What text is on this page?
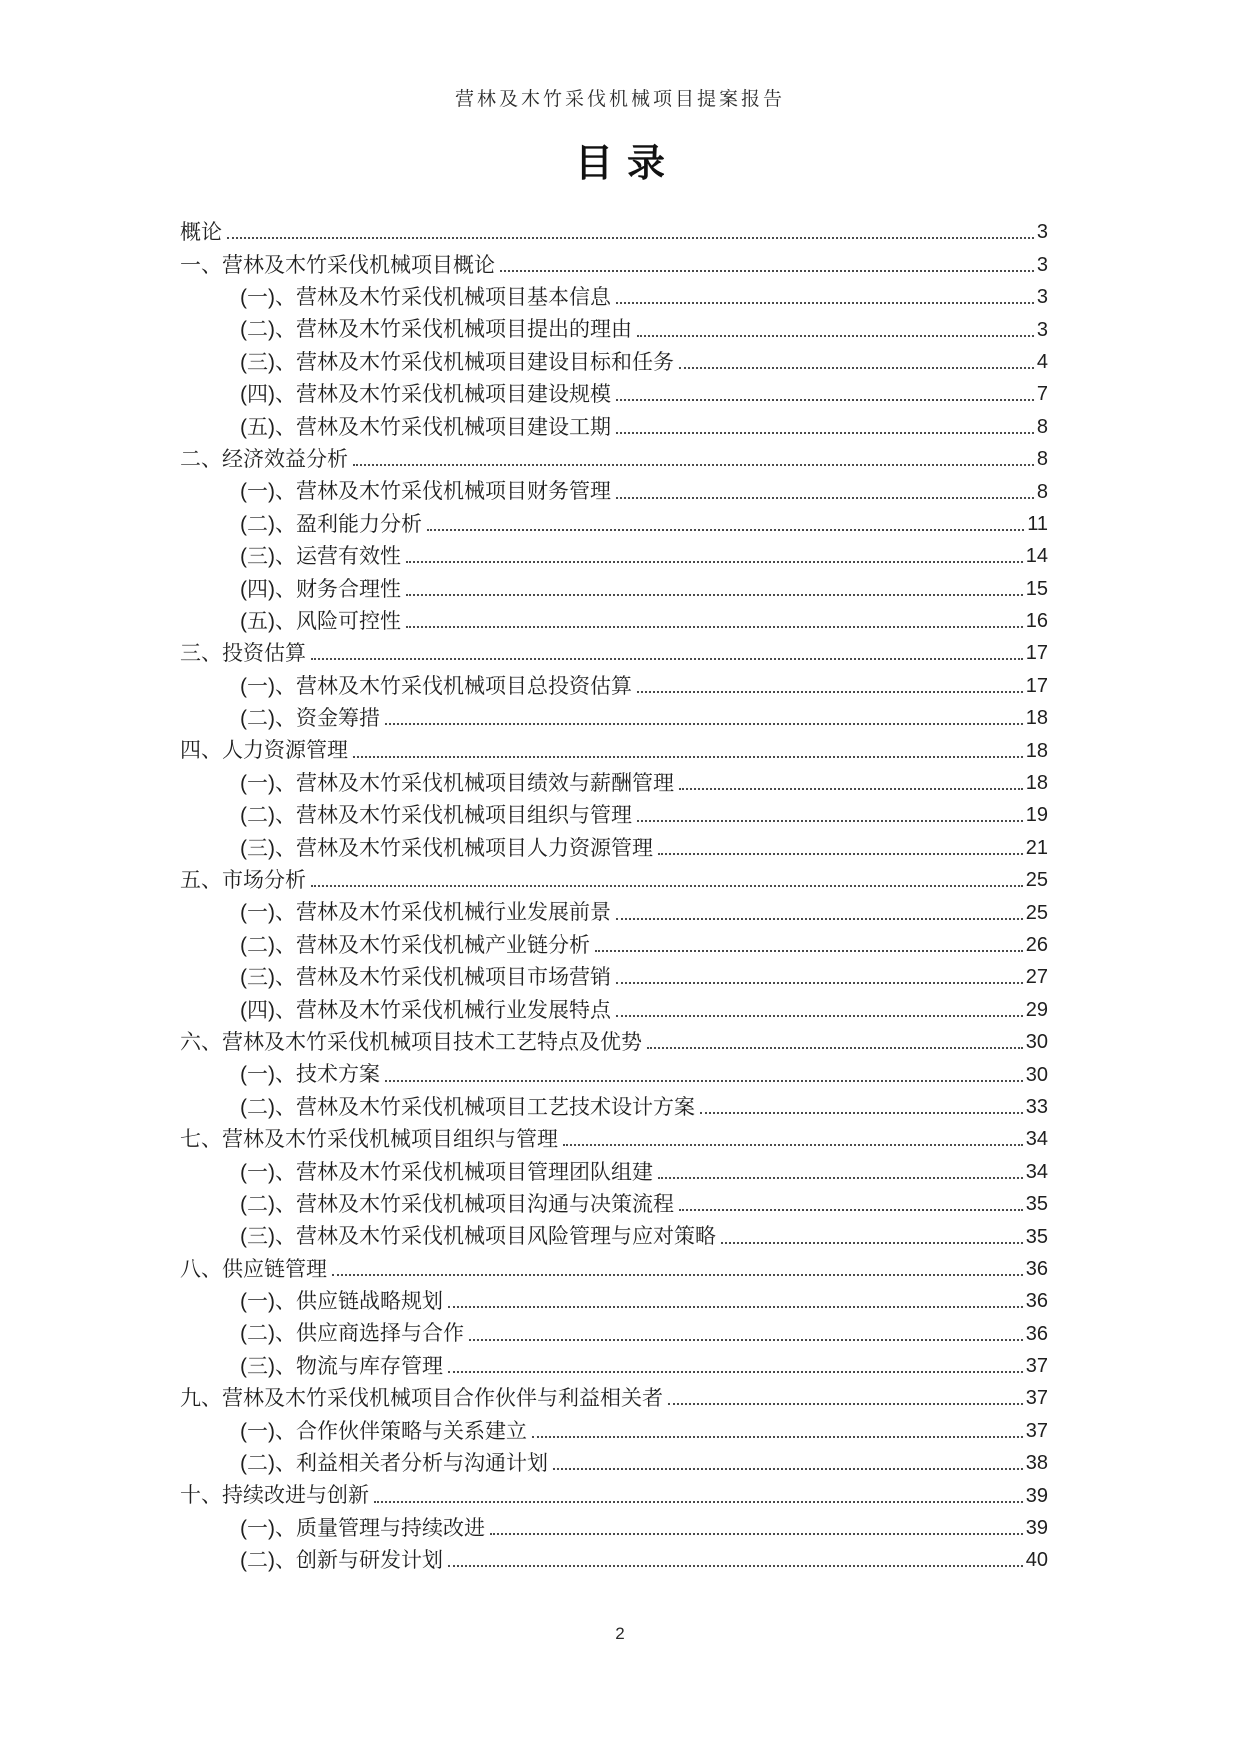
营林及木竹采伐机械项目提案报告
目录
概论	3
一、营林及木竹采伐机械项目概论	3
(一)、营林及木竹采伐机械项目基本信息	3
(二)、营林及木竹采伐机械项目提出的理由	3
(三)、营林及木竹采伐机械项目建设目标和任务	4
(四)、营林及木竹采伐机械项目建设规模	7
(五)、营林及木竹采伐机械项目建设工期	8
二、经济效益分析	8
(一)、营林及木竹采伐机械项目财务管理	8
(二)、盈利能力分析	11
(三)、运营有效性	14
(四)、财务合理性	15
(五)、风险可控性	16
三、投资估算	17
(一)、营林及木竹采伐机械项目总投资估算	17
(二)、资金筹措	18
四、人力资源管理	18
(一)、营林及木竹采伐机械项目绩效与薪酬管理	18
(二)、营林及木竹采伐机械项目组织与管理	19
(三)、营林及木竹采伐机械项目人力资源管理	21
五、市场分析	25
(一)、营林及木竹采伐机械行业发展前景	25
(二)、营林及木竹采伐机械产业链分析	26
(三)、营林及木竹采伐机械项目市场营销	27
(四)、营林及木竹采伐机械行业发展特点	29
六、营林及木竹采伐机械项目技术工艺特点及优势	30
(一)、技术方案	30
(二)、营林及木竹采伐机械项目工艺技术设计方案	33
七、营林及木竹采伐机械项目组织与管理	34
(一)、营林及木竹采伐机械项目管理团队组建	34
(二)、营林及木竹采伐机械项目沟通与决策流程	35
(三)、营林及木竹采伐机械项目风险管理与应对策略	35
八、供应链管理	36
(一)、供应链战略规划	36
(二)、供应商选择与合作	36
(三)、物流与库存管理	37
九、营林及木竹采伐机械项目合作伙伴与利益相关者	37
(一)、合作伙伴策略与关系建立	37
(二)、利益相关者分析与沟通计划	38
十、持续改进与创新	39
(一)、质量管理与持续改进	39
(二)、创新与研发计划	40
2
